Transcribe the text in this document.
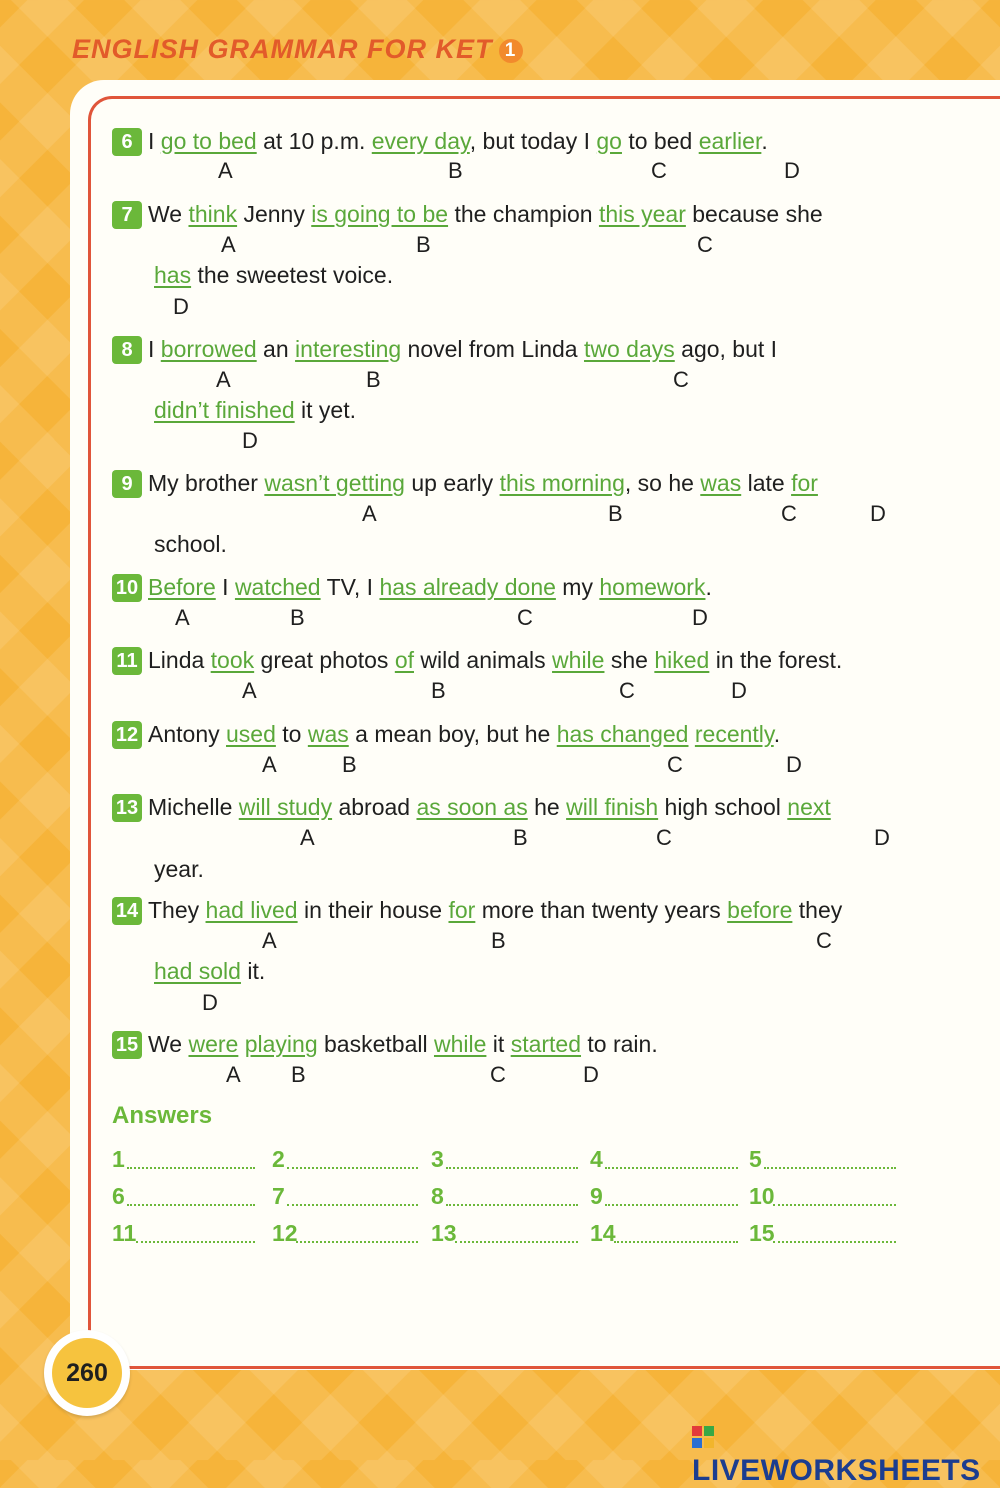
ENGLISH GRAMMAR FOR KET 1
6 I go to bed at 10 p.m. every day, but today I go to bed earlier.
A	B	C	D
7 We think Jenny is going to be the champion this year because she
has the sweetest voice.
A	B	C
D
8 I borrowed an interesting novel from Linda two days ago, but I
didn’t finished it yet.
A	B	C
D
9 My brother wasn’t getting up early this morning, so he was late for
school.
A	B	C	D
10 Before I watched TV, I has already done my homework.
A	B	C	D
11 Linda took great photos of wild animals while she hiked in the forest.
A	B	C	D
12 Antony used to was a mean boy, but he has changed recently.
A	B	C	D
13 Michelle will study abroad as soon as he will finish high school next
year.
A	B	C	D
14 They had lived in their house for more than twenty years before they
had sold it.
A	B	C
D
15 We were playing basketball while it started to rain.
A B	C	D
Answers
1	2	3	4	5
6	7	8	9	10
11	12	13	14	15
260
LIVEWORKSHEETS
